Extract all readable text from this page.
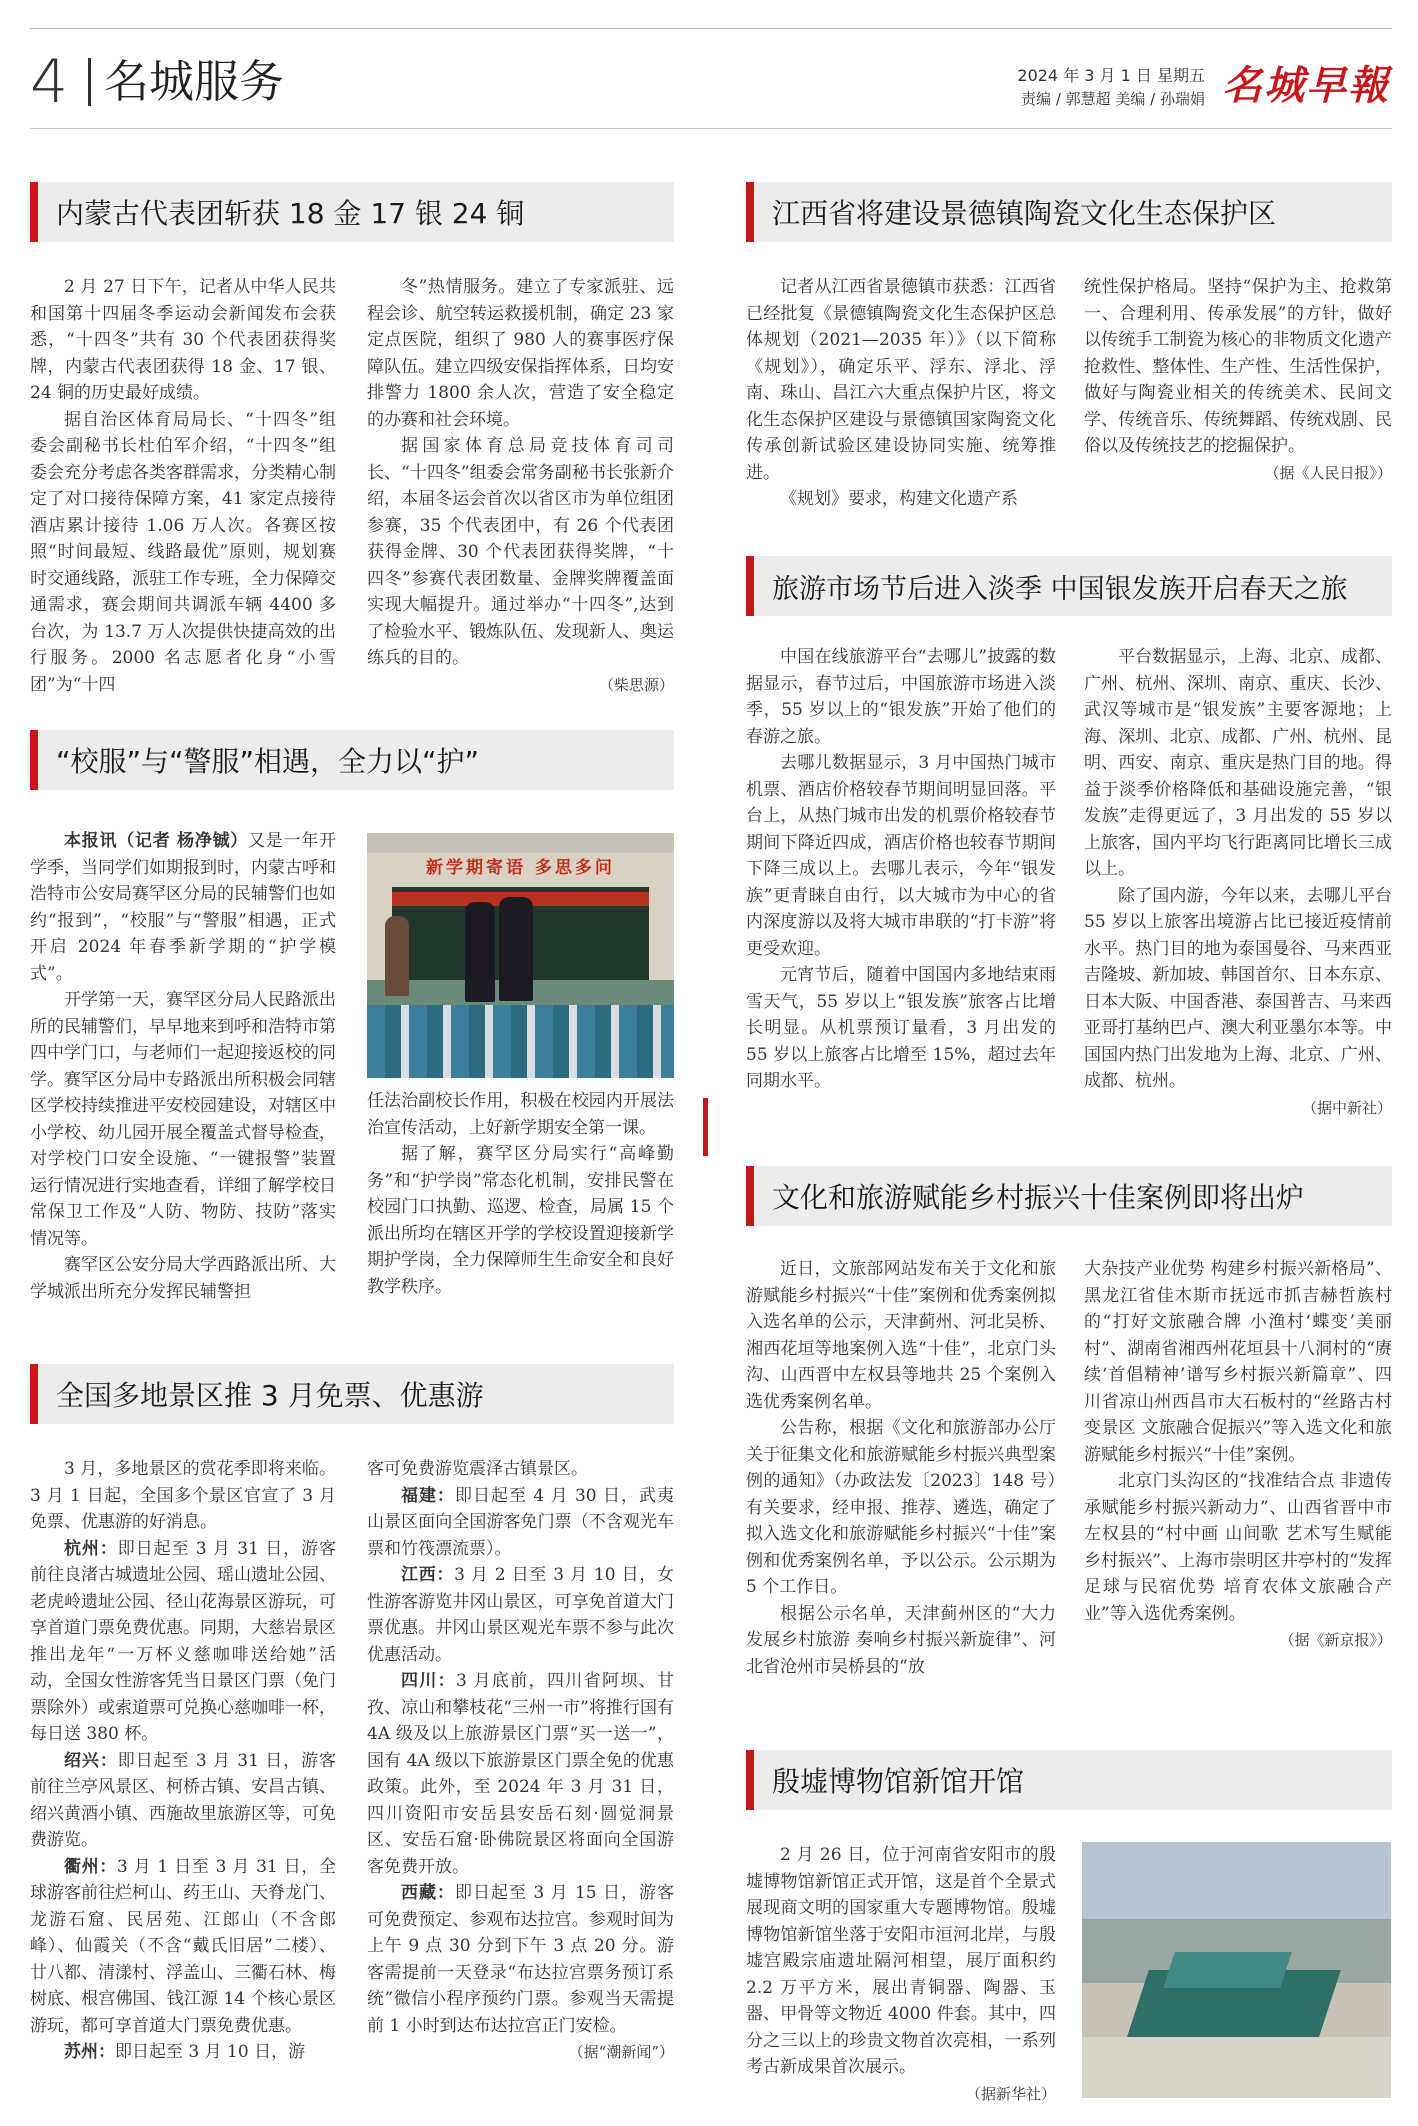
4 名城服务	2024 年 3 月 1 日 星期五
责编 / 郭慧超 美编 / 孙瑞娟 名城早報
内蒙古代表团斩获 18 金 17 银 24 铜

2 月 27 日下午，记者从中华人民共和国第十四届冬季运动会新闻发布会获悉，“十四冬”共有 30 个代表团获得奖牌，内蒙古代表团获得 18 金、17 银、24 铜的历史最好成绩。

据自治区体育局局长、“十四冬”组委会副秘书长杜伯军介绍，“十四冬”组委会充分考虑各类客群需求，分类精心制定了对口接待保障方案，41 家定点接待酒店累计接待 1.06 万人次。各赛区按照“时间最短、线路最优”原则，规划赛时交通线路，派驻工作专班，全力保障交通需求，赛会期间共调派车辆 4400 多台次，为 13.7 万人次提供快捷高效的出行服务。2000 名志愿者化身“小雪团”为“十四

冬”热情服务。建立了专家派驻、远程会诊、航空转运救援机制，确定 23 家定点医院，组织了 980 人的赛事医疗保障队伍。建立四级安保指挥体系，日均安排警力 1800 余人次，营造了安全稳定的办赛和社会环境。

据国家体育总局竞技体育司司长、“十四冬”组委会常务副秘书长张新介绍，本届冬运会首次以省区市为单位组团参赛，35 个代表团中，有 26 个代表团获得金牌、30 个代表团获得奖牌，“十四冬”参赛代表团数量、金牌奖牌覆盖面实现大幅提升。通过举办“十四冬”,达到了检验水平、锻炼队伍、发现新人、奥运练兵的目的。

（柴思源）
“校服”与“警服”相遇，全力以“护”

本报讯（记者 杨净铖）又是一年开学季，当同学们如期报到时，内蒙古呼和浩特市公安局赛罕区分局的民辅警们也如约“报到”，“校服”与“警服”相遇，正式开启 2024 年春季新学期的“护学模式”。

开学第一天，赛罕区分局人民路派出所的民辅警们，早早地来到呼和浩特市第四中学门口，与老师们一起迎接返校的同学。赛罕区分局中专路派出所积极会同辖区学校持续推进平安校园建设，对辖区中小学校、幼儿园开展全覆盖式督导检查，对学校门口安全设施、“一键报警”装置运行情况进行实地查看，详细了解学校日常保卫工作及“人防、物防、技防”落实情况等。

赛罕区公安分局大学西路派出所、大学城派出所充分发挥民辅警担

新学期寄语 多思多问

任法治副校长作用，积极在校园内开展法治宣传活动，上好新学期安全第一课。

据了解，赛罕区分局实行“高峰勤务”和“护学岗”常态化机制，安排民警在校园门口执勤、巡逻、检查，局属 15 个派出所均在辖区开学的学校设置迎接新学期护学岗，全力保障师生生命安全和良好教学秩序。

全国多地景区推 3 月免票、优惠游

3 月，多地景区的赏花季即将来临。3 月 1 日起，全国多个景区官宣了 3 月免票、优惠游的好消息。

杭州：即日起至 3 月 31 日，游客前往良渚古城遗址公园、瑶山遗址公园、老虎岭遗址公园、径山花海景区游玩，可享首道门票免费优惠。同期，大慈岩景区推出龙年“一万杯义慈咖啡送给她”活动，全国女性游客凭当日景区门票（免门票除外）或索道票可兑换心慈咖啡一杯，每日送 380 杯。

绍兴：即日起至 3 月 31 日，游客前往兰亭风景区、柯桥古镇、安昌古镇、绍兴黄酒小镇、西施故里旅游区等，可免费游览。

衢州：3 月 1 日至 3 月 31 日，全球游客前往烂柯山、药王山、天脊龙门、龙游石窟、民居苑、江郎山（不含郎峰）、仙霞关（不含“戴氏旧居”二楼）、廿八都、清漾村、浮盖山、三衢石林、梅树底、根宫佛国、钱江源 14 个核心景区游玩，都可享首道大门票免费优惠。

苏州：即日起至 3 月 10 日，游

客可免费游览震泽古镇景区。

福建：即日起至 4 月 30 日，武夷山景区面向全国游客免门票（不含观光车票和竹筏漂流票）。

江西：3 月 2 日至 3 月 10 日，女性游客游览井冈山景区，可享免首道大门票优惠。井冈山景区观光车票不参与此次优惠活动。

四川：3 月底前，四川省阿坝、甘孜、凉山和攀枝花“三州一市”将推行国有 4A 级及以上旅游景区门票“买一送一”，国有 4A 级以下旅游景区门票全免的优惠政策。此外，至 2024 年 3 月 31 日，四川资阳市安岳县安岳石刻·圆觉洞景区、安岳石窟·卧佛院景区将面向全国游客免费开放。

西藏：即日起至 3 月 15 日，游客可免费预定、参观布达拉宫。参观时间为上午 9 点 30 分到下午 3 点 20 分。游客需提前一天登录“布达拉宫票务预订系统”微信小程序预约门票。参观当天需提前 1 小时到达布达拉宫正门安检。

（据“潮新闻”）
江西省将建设景德镇陶瓷文化生态保护区

记者从江西省景德镇市获悉：江西省已经批复《景德镇陶瓷文化生态保护区总体规划（2021—2035 年）》（以下简称《规划》），确定乐平、浮东、浮北、浮南、珠山、昌江六大重点保护片区，将文化生态保护区建设与景德镇国家陶瓷文化传承创新试验区建设协同实施、统筹推进。

《规划》要求，构建文化遗产系

统性保护格局。坚持“保护为主、抢救第一、合理利用、传承发展”的方针，做好以传统手工制瓷为核心的非物质文化遗产抢救性、整体性、生产性、生活性保护，做好与陶瓷业相关的传统美术、民间文学、传统音乐、传统舞蹈、传统戏剧、民俗以及传统技艺的挖掘保护。

（据《人民日报》）
旅游市场节后进入淡季 中国银发族开启春天之旅

中国在线旅游平台“去哪儿”披露的数据显示，春节过后，中国旅游市场进入淡季，55 岁以上的“银发族”开始了他们的春游之旅。

去哪儿数据显示，3 月中国热门城市机票、酒店价格较春节期间明显回落。平台上，从热门城市出发的机票价格较春节期间下降近四成，酒店价格也较春节期间下降三成以上。去哪儿表示，今年“银发族”更青睐自由行，以大城市为中心的省内深度游以及将大城市串联的“打卡游”将更受欢迎。

元宵节后，随着中国国内多地结束雨雪天气，55 岁以上“银发族”旅客占比增长明显。从机票预订量看，3 月出发的 55 岁以上旅客占比增至 15%，超过去年同期水平。

平台数据显示，上海、北京、成都、广州、杭州、深圳、南京、重庆、长沙、武汉等城市是“银发族”主要客源地；上海、深圳、北京、成都、广州、杭州、昆明、西安、南京、重庆是热门目的地。得益于淡季价格降低和基础设施完善，“银发族”走得更远了，3 月出发的 55 岁以上旅客，国内平均飞行距离同比增长三成以上。

除了国内游，今年以来，去哪儿平台 55 岁以上旅客出境游占比已接近疫情前水平。热门目的地为泰国曼谷、马来西亚吉隆坡、新加坡、韩国首尔、日本东京、日本大阪、中国香港、泰国普吉、马来西亚哥打基纳巴卢、澳大利亚墨尔本等。中国国内热门出发地为上海、北京、广州、成都、杭州。

（据中新社）
文化和旅游赋能乡村振兴十佳案例即将出炉

近日，文旅部网站发布关于文化和旅游赋能乡村振兴“十佳”案例和优秀案例拟入选名单的公示，天津蓟州、河北吴桥、湘西花垣等地案例入选“十佳”，北京门头沟、山西晋中左权县等地共 25 个案例入选优秀案例名单。

公告称，根据《文化和旅游部办公厅关于征集文化和旅游赋能乡村振兴典型案例的通知》（办政法发〔2023〕148 号）有关要求，经申报、推荐、遴选，确定了拟入选文化和旅游赋能乡村振兴“十佳”案例和优秀案例名单，予以公示。公示期为 5 个工作日。

根据公示名单，天津蓟州区的“大力发展乡村旅游 奏响乡村振兴新旋律”、河北省沧州市吴桥县的“放

大杂技产业优势 构建乡村振兴新格局”、黑龙江省佳木斯市抚远市抓吉赫哲族村的“打好文旅融合牌 小渔村‘蝶变’美丽村”、湖南省湘西州花垣县十八洞村的“赓续‘首倡精神’谱写乡村振兴新篇章”、四川省凉山州西昌市大石板村的“丝路古村变景区 文旅融合促振兴”等入选文化和旅游赋能乡村振兴“十佳”案例。

北京门头沟区的“找准结合点 非遗传承赋能乡村振兴新动力”、山西省晋中市左权县的“村中画 山间歌 艺术写生赋能乡村振兴”、上海市崇明区井亭村的“发挥足球与民宿优势 培育农体文旅融合产业”等入选优秀案例。

（据《新京报》）
殷墟博物馆新馆开馆

2 月 26 日，位于河南省安阳市的殷墟博物馆新馆正式开馆，这是首个全景式展现商文明的国家重大专题博物馆。殷墟博物馆新馆坐落于安阳市洹河北岸，与殷墟宫殿宗庙遗址隔河相望，展厅面积约 2.2 万平方米，展出青铜器、陶器、玉器、甲骨等文物近 4000 件套。其中，四分之三以上的珍贵文物首次亮相，一系列考古新成果首次展示。

（据新华社）
